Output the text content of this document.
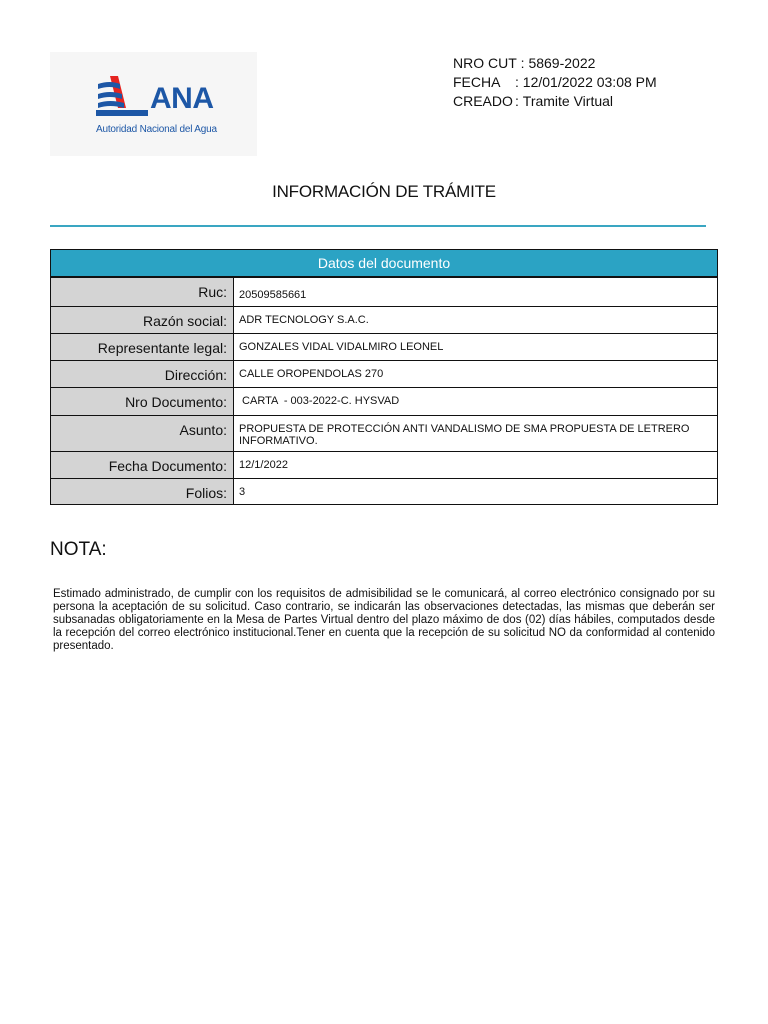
ANA
Autoridad Nacional del Agua
NRO CUT : 5869-2022
FECHA	: 12/01/2022 03:08 PM
CREADO : Tramite Virtual
INFORMACIÓN DE TRÁMITE
Datos del documento	
Ruc:	20509585661
Razón social:	ADR TECNOLOGY S.A.C.
Representante legal:	GONZALES VIDAL VIDALMIRO LEONEL
Dirección:	CALLE OROPENDOLAS 270
Nro Documento:	CARTA  - 003-2022-C. HYSVAD
Asunto:	PROPUESTA DE PROTECCIÓN ANTI VANDALISMO DE SMA PROPUESTA DE LETRERO INFORMATIVO.
Fecha Documento:	12/1/2022
Folios:	3
NOTA:
Estimado administrado, de cumplir con los requisitos de admisibilidad se le comunicará, al correo electrónico consignado por su persona la aceptación de su solicitud. Caso contrario, se indicarán las observaciones detectadas, las mismas que deberán ser subsanadas obligatoriamente en la Mesa de Partes Virtual dentro del plazo máximo de dos (02) días hábiles, computados desde la recepción del correo electrónico institucional.Tener en cuenta que la recepción de su solicitud NO da conformidad al contenido presentado.
